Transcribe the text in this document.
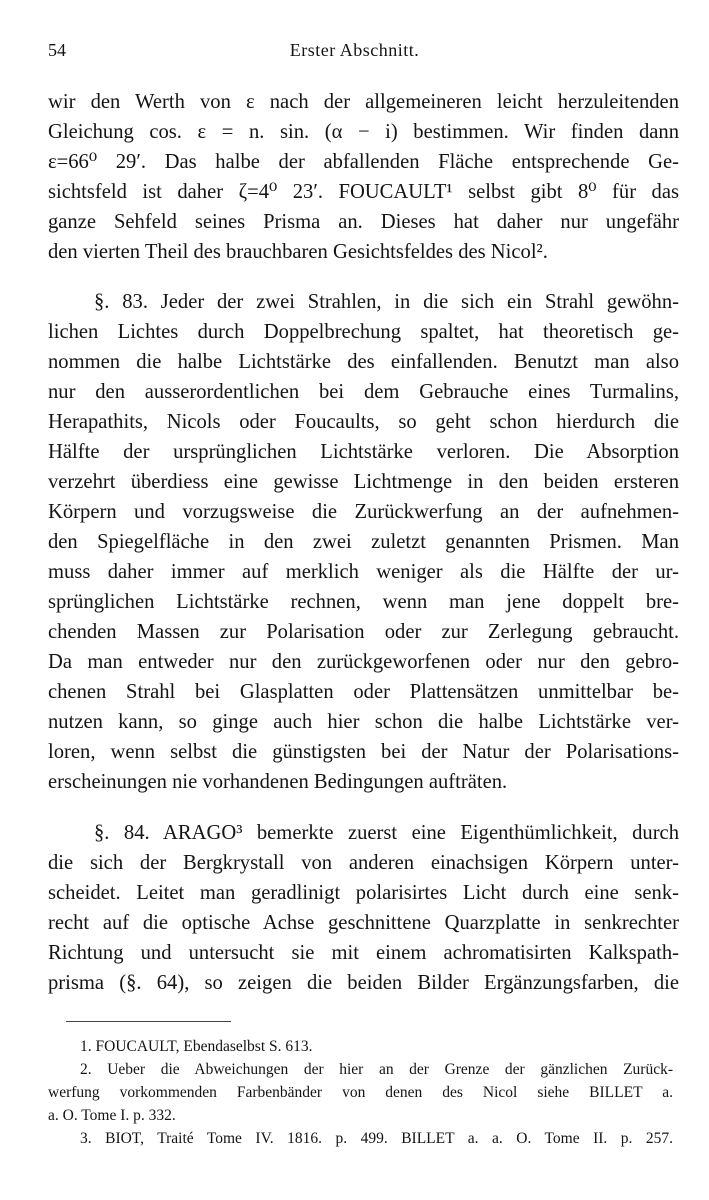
54	Erster Abschnitt.
wir den Werth von ε nach der allgemeineren leicht herzuleitenden
Gleichung cos. ε = n. sin. (α − i) bestimmen. Wir finden dann
ε=66⁰ 29′. Das halbe der abfallenden Fläche entsprechende Ge-
sichtsfeld ist daher ζ=4⁰ 23′. FOUCAULT¹ selbst gibt 8⁰ für das
ganze Sehfeld seines Prisma an. Dieses hat daher nur ungefähr
den vierten Theil des brauchbaren Gesichtsfeldes des Nicol².
§. 83. Jeder der zwei Strahlen, in die sich ein Strahl gewöhn-
lichen Lichtes durch Doppelbrechung spaltet, hat theoretisch ge-
nommen die halbe Lichtstärke des einfallenden. Benutzt man also
nur den ausserordentlichen bei dem Gebrauche eines Turmalins,
Herapathits, Nicols oder Foucaults, so geht schon hierdurch die
Hälfte der ursprünglichen Lichtstärke verloren. Die Absorption
verzehrt überdiess eine gewisse Lichtmenge in den beiden ersteren
Körpern und vorzugsweise die Zurückwerfung an der aufnehmen-
den Spiegelfläche in den zwei zuletzt genannten Prismen. Man
muss daher immer auf merklich weniger als die Hälfte der ur-
sprünglichen Lichtstärke rechnen, wenn man jene doppelt bre-
chenden Massen zur Polarisation oder zur Zerlegung gebraucht.
Da man entweder nur den zurückgeworfenen oder nur den gebro-
chenen Strahl bei Glasplatten oder Plattensätzen unmittelbar be-
nutzen kann, so ginge auch hier schon die halbe Lichtstärke ver-
loren, wenn selbst die günstigsten bei der Natur der Polarisations-
erscheinungen nie vorhandenen Bedingungen aufträten.
§. 84. ARAGO³ bemerkte zuerst eine Eigenthümlichkeit, durch
die sich der Bergkrystall von anderen einachsigen Körpern unter-
scheidet. Leitet man geradlinigt polarisirtes Licht durch eine senk-
recht auf die optische Achse geschnittene Quarzplatte in senkrechter
Richtung und untersucht sie mit einem achromatisirten Kalkspath-
prisma (§. 64), so zeigen die beiden Bilder Ergänzungsfarben, die
1. FOUCAULT, Ebendaselbst S. 613.
2. Ueber die Abweichungen der hier an der Grenze der gänzlichen Zurück-
werfung vorkommenden Farbenbänder von denen des Nicol siehe BILLET a.
a. O. Tome I. p. 332.
3. BIOT, Traité Tome IV. 1816. p. 499. BILLET a. a. O. Tome II. p. 257.
